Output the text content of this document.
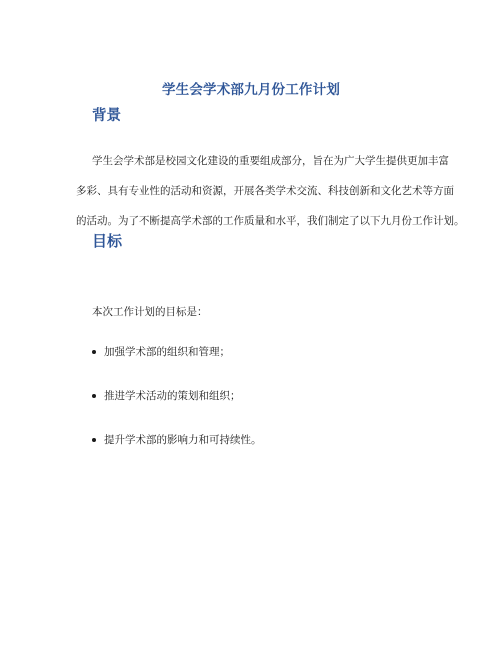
学生会学术部九月份工作计划
背景

学生会学术部是校园文化建设的重要组成部分，旨在为广大学生提供更加丰富

多彩、具有专业性的活动和资源，开展各类学术交流、科技创新和文化艺术等方面

的活动。为了不断提高学术部的工作质量和水平，我们制定了以下九月份工作计划。

目标

本次工作计划的目标是：

加强学术部的组织和管理；
推进学术活动的策划和组织；
提升学术部的影响力和可持续性。
